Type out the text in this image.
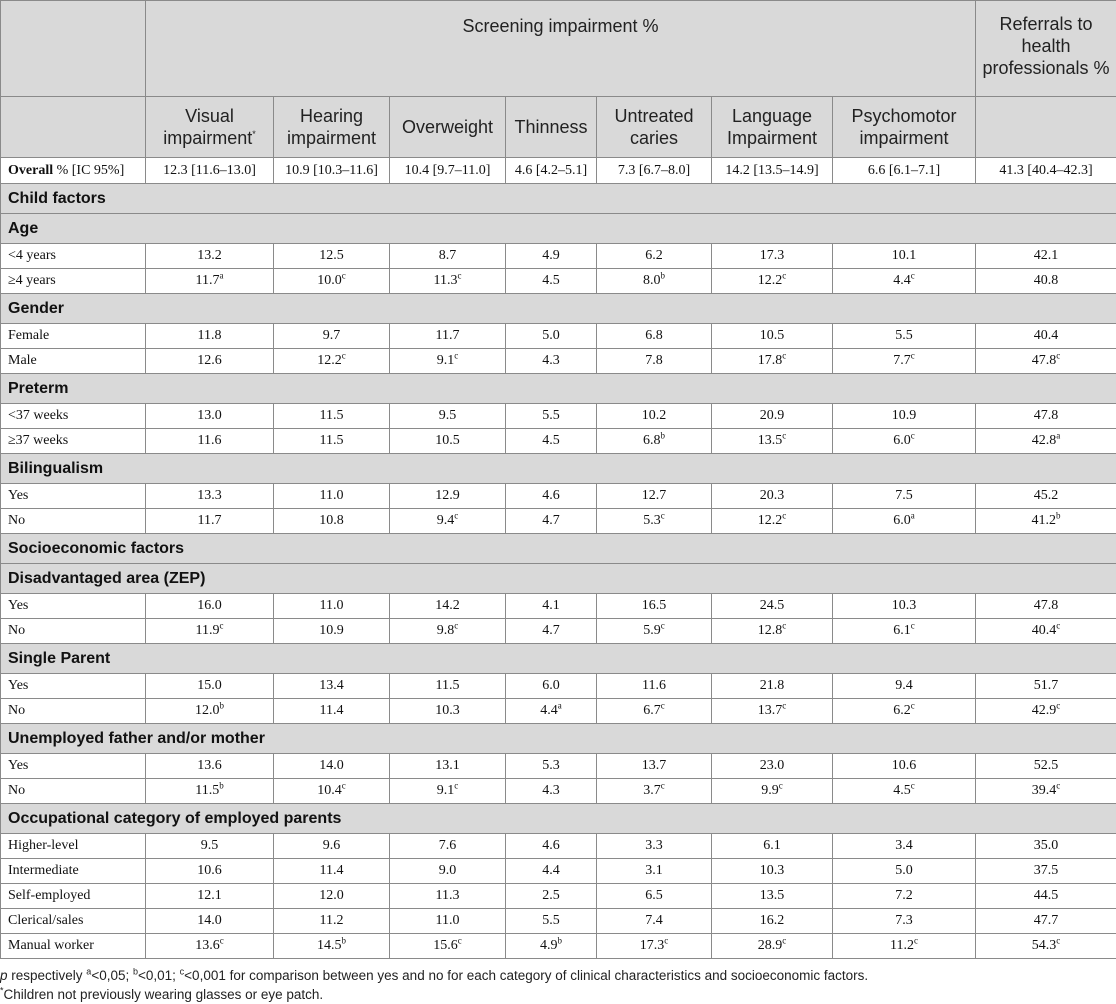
	Screening impairment %							Referrals to health professionals %
	Visual impairment*	Hearing impairment	Overweight	Thinness	Untreated caries	Language Impairment	Psychomotor impairment	
Overall % [IC 95%]	12.3 [11.6–13.0]	10.9 [10.3–11.6]	10.4 [9.7–11.0]	4.6 [4.2–5.1]	7.3 [6.7–8.0]	14.2 [13.5–14.9]	6.6 [6.1–7.1]	41.3 [40.4–42.3]
Child factors								
Age								
<4 years	13.2	12.5	8.7	4.9	6.2	17.3	10.1	42.1
≥4 years	11.7$^a$	10.0$^c$	11.3$^c$	4.5	8.0$^b$	12.2$^c$	4.4$^c$	40.8
Gender								
Female	11.8	9.7	11.7	5.0	6.8	10.5	5.5	40.4
Male	12.6	12.2$^c$	9.1$^c$	4.3	7.8	17.8$^c$	7.7$^c$	47.8$^c$
Preterm								
<37 weeks	13.0	11.5	9.5	5.5	10.2	20.9	10.9	47.8
≥37 weeks	11.6	11.5	10.5	4.5	6.8$^b$	13.5$^c$	6.0$^c$	42.8$^a$
Bilingualism								
Yes	13.3	11.0	12.9	4.6	12.7	20.3	7.5	45.2
No	11.7	10.8	9.4$^c$	4.7	5.3$^c$	12.2$^c$	6.0$^a$	41.2$^b$
Socioeconomic factors								
Disadvantaged area (ZEP)								
Yes	16.0	11.0	14.2	4.1	16.5	24.5	10.3	47.8
No	11.9$^c$	10.9	9.8$^c$	4.7	5.9$^c$	12.8$^c$	6.1$^c$	40.4$^c$
Single Parent								
Yes	15.0	13.4	11.5	6.0	11.6	21.8	9.4	51.7
No	12.0$^b$	11.4	10.3	4.4$^a$	6.7$^c$	13.7$^c$	6.2$^c$	42.9$^c$
Unemployed father and/or mother								
Yes	13.6	14.0	13.1	5.3	13.7	23.0	10.6	52.5
No	11.5$^b$	10.4$^c$	9.1$^c$	4.3	3.7$^c$	9.9$^c$	4.5$^c$	39.4$^c$
Occupational category of employed parents								
Higher-level	9.5	9.6	7.6	4.6	3.3	6.1	3.4	35.0
Intermediate	10.6	11.4	9.0	4.4	3.1	10.3	5.0	37.5
Self-employed	12.1	12.0	11.3	2.5	6.5	13.5	7.2	44.5
Clerical/sales	14.0	11.2	11.0	5.5	7.4	16.2	7.3	47.7
Manual worker	13.6$^c$	14.5$^b$	15.6$^c$	4.9$^b$	17.3$^c$	28.9$^c$	11.2$^c$	54.3$^c$
p respectively $^a$<0,05; $^b$<0,01; $^c$<0,001 for comparison between yes and no for each category of clinical characteristics and socioeconomic factors.
*Children not previously wearing glasses or eye patch.
